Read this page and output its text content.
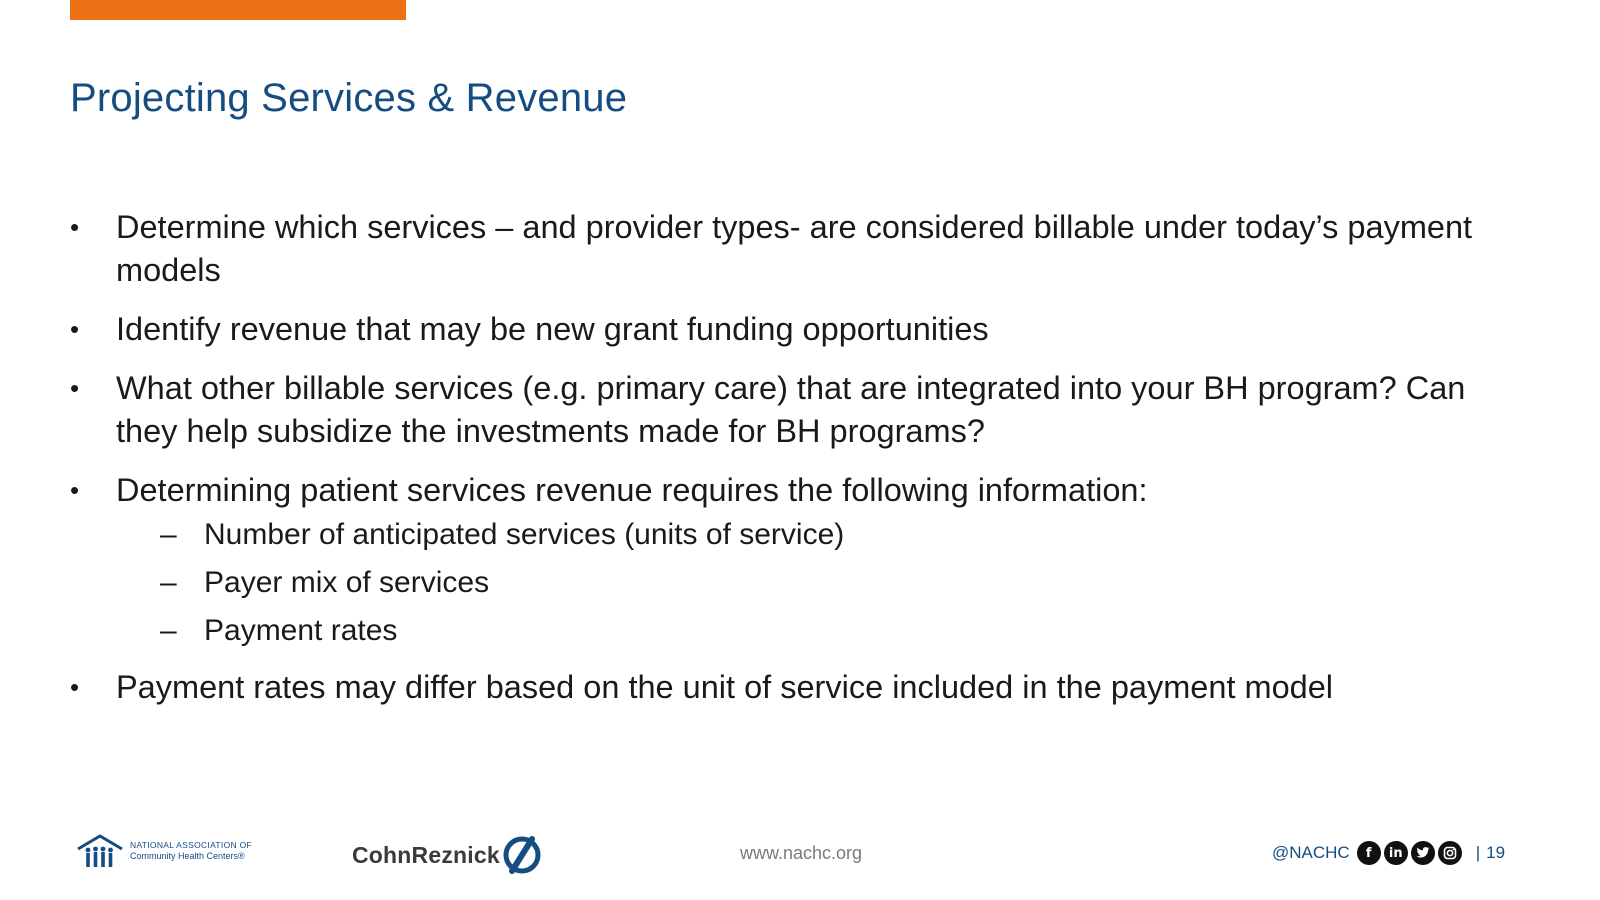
Projecting Services & Revenue
•	Determine which services – and provider types- are considered billable under today’s payment models
•	Identify revenue that may be new grant funding opportunities
•	What other billable services (e.g. primary care) that are integrated into your BH program? Can they help subsidize the investments made for BH programs?
•	Determining patient services revenue requires the following information:
– Number of anticipated services (units of service)
– Payer mix of services
– Payment rates
•	Payment rates may differ based on the unit of service included in the payment model
NATIONAL ASSOCIATION OF
Community Health Centers®	CohnReznick	www.nachc.org	@NACHC	f	in	| 19
